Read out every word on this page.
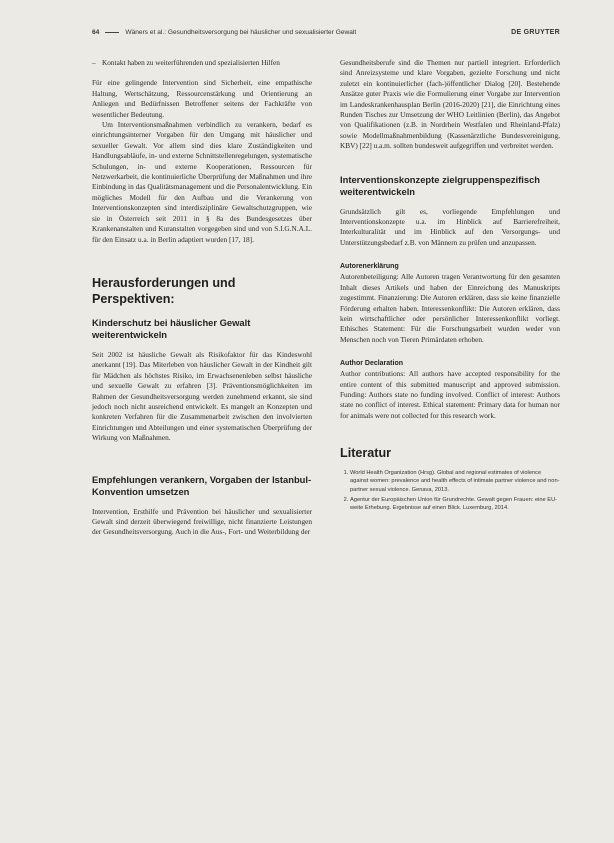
64	Wäners et al.: Gesundheitsversorgung bei häuslicher und sexualisierter Gewalt	DE GRUYTER
– Kontakt haben zu weiterführenden und spezialisierten Hilfen

Für eine gelingende Intervention sind Sicherheit, eine empathische Haltung, Wertschätzung, Ressourcenstärkung und Orientierung an Anliegen und Bedürfnissen Betroffener seitens der Fachkräfte von wesentlicher Bedeutung.

Um Interventionsmaßnahmen verbindlich zu verankern, bedarf es einrichtungsinterner Vorgaben für den Umgang mit häuslicher und sexueller Gewalt. Vor allem sind dies klare Zuständigkeiten und Handlungsabläufe, in- und externe Schnittstellenregelungen, systematische Schulungen, in- und externe Kooperationen, Ressourcen für Netzwerkarbeit, die kontinuierliche Überprüfung der Maßnahmen und ihre Einbindung in das Qualitätsmanagement und die Personalentwicklung. Ein mögliches Modell für den Aufbau und die Verankerung von Interventionskonzepten sind interdisziplinäre Gewaltschutzgruppen, wie sie in Österreich seit 2011 in § 8a des Bundesgesetzes über Krankenanstalten und Kuranstalten vorgegeben sind und von S.I.G.N.A.L. für den Einsatz u.a. in Berlin adaptiert wurden [17, 18].

Herausforderungen und Perspektiven:
Kinderschutz bei häuslicher Gewalt weiterentwickeln

Seit 2002 ist häusliche Gewalt als Risikofaktor für das Kindeswohl anerkannt [19]. Das Miterleben von häuslicher Gewalt in der Kindheit gilt für Mädchen als höchstes Risiko, im Erwachsenenleben selbst häusliche und sexuelle Gewalt zu erfahren [3]. Präventionsmöglichkeiten im Rahmen der Gesundheitsversorgung werden zunehmend erkannt, sie sind jedoch noch nicht ausreichend entwickelt. Es mangelt an Konzepten und konkreten Verfahren für die Zusammenarbeit zwischen den involvierten Einrichtungen und Abteilungen und einer systematischen Überprüfung der Wirkung von Maßnahmen.

Empfehlungen verankern, Vorgaben der Istanbul-Konvention umsetzen

Intervention, Ersthilfe und Prävention bei häuslicher und sexualisierter Gewalt sind derzeit überwiegend freiwillige, nicht finanzierte Leistungen der Gesundheitsversorgung. Auch in die Aus-, Fort- und Weiterbildung der

Gesundheitsberufe sind die Themen nur partiell integriert. Erforderlich sind Anreizsysteme und klare Vorgaben, gezielte Forschung und nicht zuletzt ein kontinuierlicher (fach-)öffentlicher Dialog [20]. Bestehende Ansätze guter Praxis wie die Formulierung einer Vorgabe zur Intervention im Landeskrankenhausplan Berlin (2016-2020) [21], die Einrichtung eines Runden Tisches zur Umsetzung der WHO Leitlinien (Berlin), das Angebot von Qualifikationen (z.B. in Nordrhein Westfalen und Rheinland-Pfalz) sowie Modellmaßnahmenbildung (Kassenärztliche Bundesvereinigung, KBV) [22] u.a.m. sollten bundesweit aufgegriffen und verbreitet werden.

Interventionskonzepte zielgruppenspezifisch weiterentwickeln

Grundsätzlich gilt es, vorliegende Empfehlungen und Interventionskonzepte u.a. im Hinblick auf Barrierefreiheit, Interkulturalität und im Hinblick auf den Versorgungs- und Unterstützungsbedarf z.B. von Männern zu prüfen und anzupassen.

Autorenerklärung

Autorenbeteiligung: Alle Autoren tragen Verantwortung für den gesamten Inhalt dieses Artikels und haben der Einreichung des Manuskripts zugestimmt. Finanzierung: Die Autoren erklären, dass sie keine finanzielle Förderung erhalten haben. Interessenkonflikt: Die Autoren erklären, dass kein wirtschaftlicher oder persönlicher Interessenkonflikt vorliegt. Ethisches Statement: Für die Forschungsarbeit wurden weder von Menschen noch von Tieren Primärdaten erhoben.

Author Declaration

Author contributions: All authors have accepted responsibility for the entire content of this submitted manuscript and approved submission. Funding: Authors state no funding involved. Conflict of interest: Authors state no conflict of interest. Ethical statement: Primary data for human nor for animals were not collected for this research work.

Literatur
1. World Health Organization (Hrsg). Global and regional estimates of violence against women: prevalence and health effects of intimate partner violence and non-partner sexual violence. Genava, 2013.
2. Agentur der Europäischen Union für Grundrechte. Gewalt gegen Frauen: eine EU-weite Erhebung. Ergebnisse auf einen Blick. Luxemburg, 2014.
